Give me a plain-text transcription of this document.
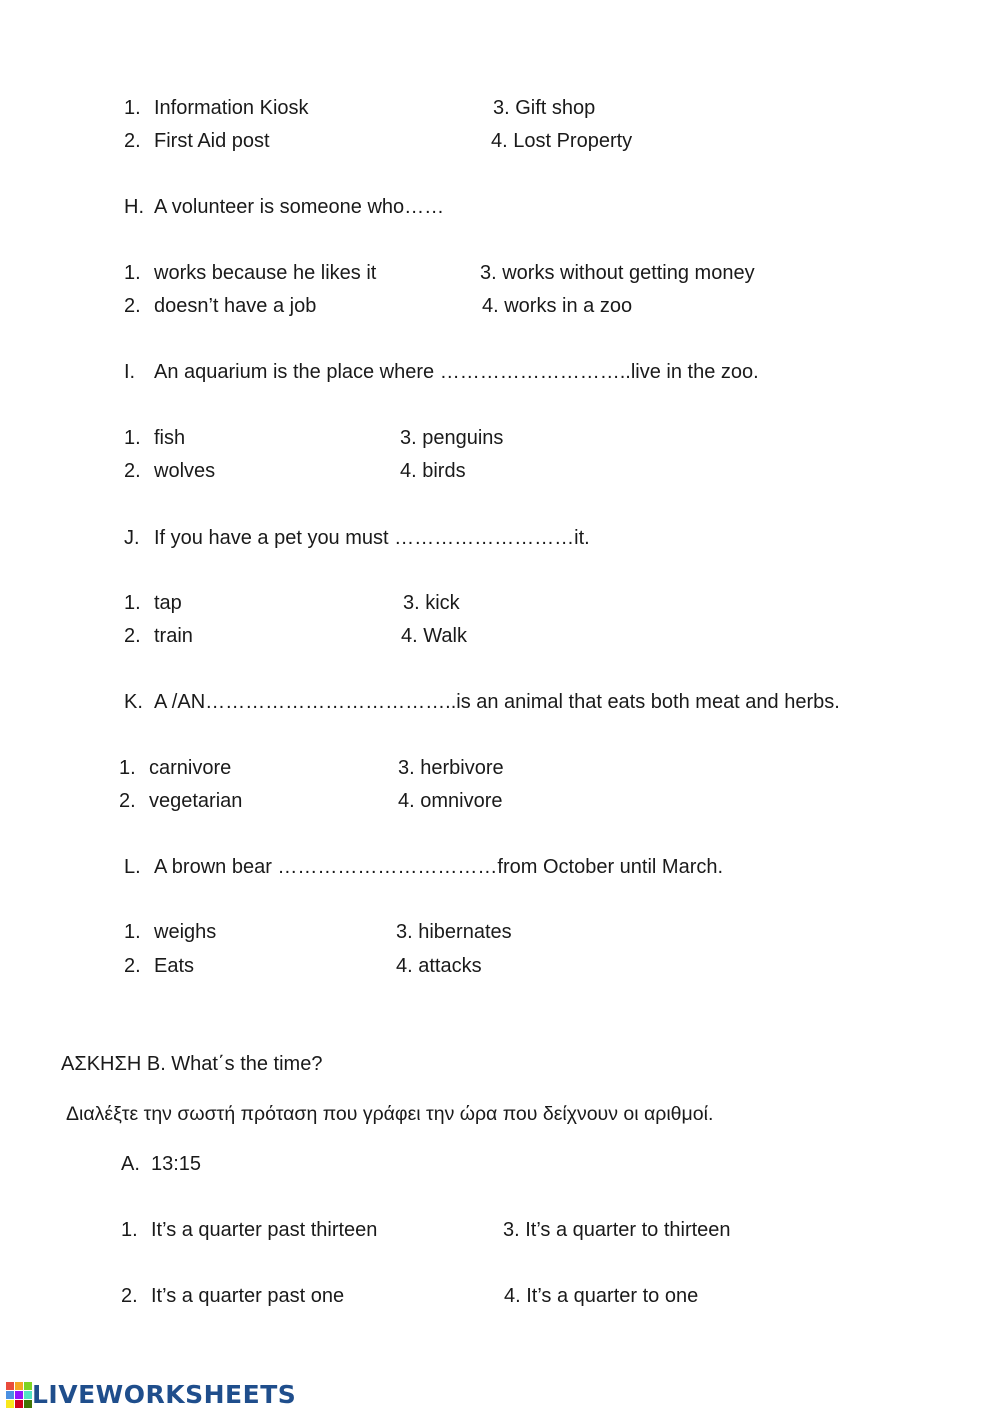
1. Information Kiosk
2. First Aid post
3. Gift shop
4. Lost Property
H. A volunteer is someone who……
1. works because he likes it
2. doesn’t have a job
3. works without getting money
4. works in a zoo
I. An aquarium is the place where ………………………..live in the zoo.
1. fish
2. wolves
3. penguins
4. birds
J. If you have a pet you must ………………………it.
1. tap
2. train
3. kick
4. Walk
K. A /AN………………………………..is an animal that eats both meat and herbs.
1. carnivore
2. vegetarian
3. herbivore
4. omnivore
L. A brown bear ……………………………from October until March.
1. weighs
2. Eats
3. hibernates
4. attacks
ΑΣΚΗΣΗ Β. What΄s the time?
Διαλέξτε την σωστή πρόταση που γράφει την ώρα που δείχνουν οι αριθμοί.
A. 13:15
1. It’s a quarter past thirteen
2. It’s a quarter past one
3. It’s a quarter to thirteen
4. It’s a quarter to one
LIVEWORKSHEETS
